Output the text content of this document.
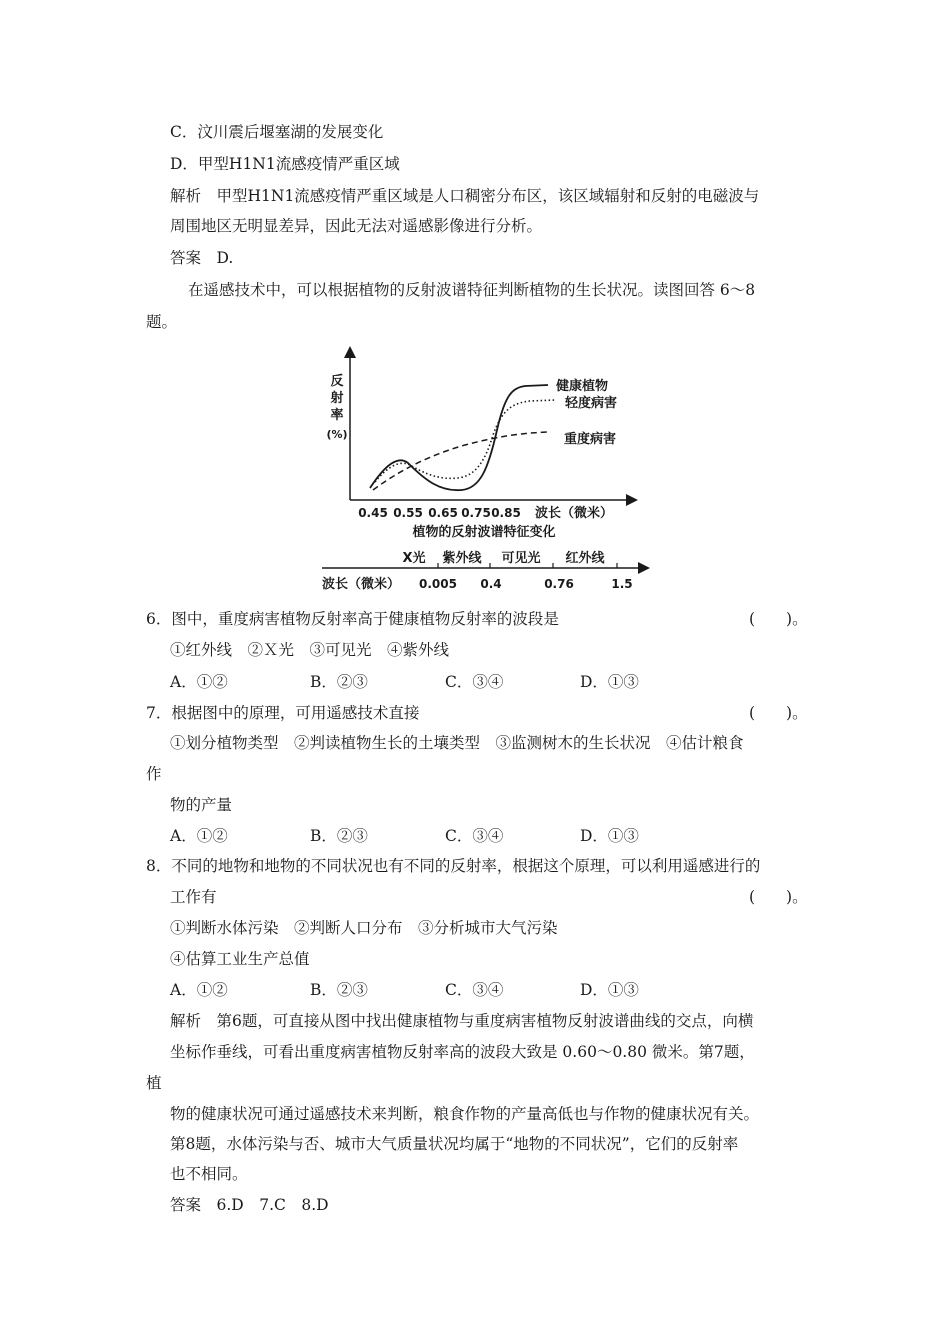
C．汶川震后堰塞湖的发展变化
D．甲型H1N1流感疫情严重区域
解析　甲型H1N1流感疫情严重区域是人口稠密分布区，该区域辐射和反射的电磁波与
周围地区无明显差异，因此无法对遥感影像进行分析。
答案　D.
在遥感技术中，可以根据植物的反射波谱特征判断植物的生长状况。读图回答 6～8
题。
反
射
率
(%)
健康植物
轻度病害
重度病害
0.45 0.55 0.65 0.75 0.85 波长（微米）
植物的反射波谱特征变化
X光 紫外线 可见光 红外线
波长（微米） 0.005 0.4	0.76	1.5
6．图中，重度病害植物反射率高于健康植物反射率的波段是	(　　)。
①红外线　②Ｘ光　③可见光　④紫外线
A．①②	B．②③	C．③④	D．①③
7．根据图中的原理，可用遥感技术直接	(　　)。
①划分植物类型　②判读植物生长的土壤类型　③监测树木的生长状况　④估计粮食
作
物的产量
A．①②	B．②③	C．③④	D．①③
8．不同的地物和地物的不同状况也有不同的反射率，根据这个原理，可以利用遥感进行的
工作有	(　　)。
①判断水体污染　②判断人口分布　③分析城市大气污染
④估算工业生产总值
A．①②	B．②③	C．③④	D．①③
解析　第6题，可直接从图中找出健康植物与重度病害植物反射波谱曲线的交点，向横
坐标作垂线，可看出重度病害植物反射率高的波段大致是 0.60～0.80 微米。第7题，
植
物的健康状况可通过遥感技术来判断，粮食作物的产量高低也与作物的健康状况有关。
第8题，水体污染与否、城市大气质量状况均属于“地物的不同状况”，它们的反射率
也不相同。
答案　6.D　7.C　8.D
